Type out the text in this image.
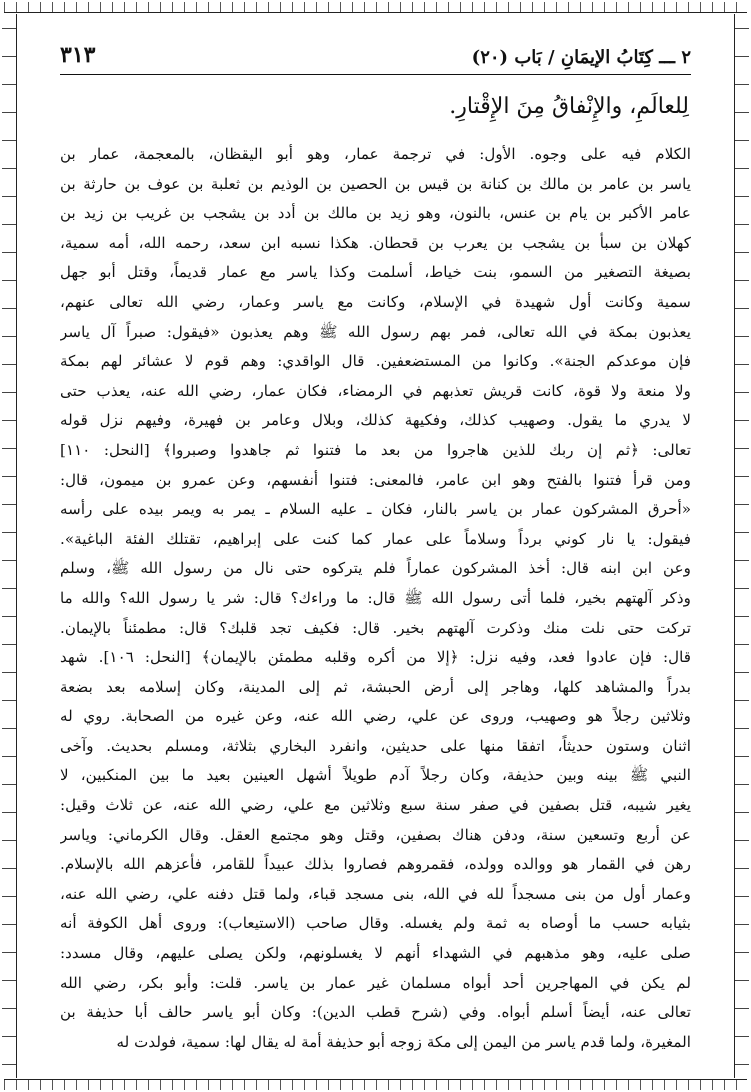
٣١٣	٢ ـــ كِتَابُ الإيمَانِ / بَاب (٢٠)
لِلعالَمِ، والإِنْفاقُ مِنَ الإِقْتارِ.
الكلام فيه على وجوه. الأول: في ترجمة عمار، وهو أبو اليقظان، بالمعجمة، عمار بن
ياسر بن عامر بن مالك بن كنانة بن قيس بن الحصين بن الوذيم بن ثعلبة بن عوف بن حارثة بن
عامر الأكبر بن يام بن عنس، بالنون، وهو زيد بن مالك بن أدد بن يشجب بن غريب بن زيد بن
كهلان بن سبأ بن يشجب بن يعرب بن قحطان. هكذا نسبه ابن سعد، رحمه الله، أمه سمية،
بصيغة التصغير من السمو، بنت خياط، أسلمت وكذا ياسر مع عمار قديماً، وقتل أبو جهل
سمية وكانت أول شهيدة في الإسلام، وكانت مع ياسر وعمار، رضي الله تعالى عنهم،
يعذبون بمكة في الله تعالى، فمر بهم رسول الله ﷺ وهم يعذبون «فيقول: صبراً آل ياسر
فإن موعدكم الجنة». وكانوا من المستضعفين. قال الواقدي: وهم قوم لا عشائر لهم بمكة
ولا منعة ولا قوة، كانت قريش تعذبهم في الرمضاء، فكان عمار، رضي الله عنه، يعذب حتى
لا يدري ما يقول. وصهيب كذلك، وفكيهة كذلك، وبلال وعامر بن فهيرة، وفيهم نزل قوله
تعالى: ﴿ثم إن ربك للذين هاجروا من بعد ما فتنوا ثم جاهدوا وصبروا﴾ [النحل: ١١٠]
ومن قرأ فتنوا بالفتح وهو ابن عامر، فالمعنى: فتنوا أنفسهم، وعن عمرو بن ميمون، قال:
«أحرق المشركون عمار بن ياسر بالنار، فكان ـ عليه السلام ـ يمر به ويمر بيده على رأسه
فيقول: يا نار كوني برداً وسلاماً على عمار كما كنت على إبراهيم، تقتلك الفئة الباغية».
وعن ابن ابنه قال: أخذ المشركون عماراً فلم يتركوه حتى نال من رسول الله ﷺ، وسلم
وذكر آلهتهم بخير، فلما أتى رسول الله ﷺ قال: ما وراءك؟ قال: شر يا رسول الله؟ والله ما
تركت حتى نلت منك وذكرت آلهتهم بخير. قال: فكيف تجد قلبك؟ قال: مطمئناً بالإيمان.
قال: فإن عادوا فعد، وفيه نزل: ﴿إلا من أكره وقلبه مطمئن بالإيمان﴾ [النحل: ١٠٦]. شهد
بدراً والمشاهد كلها، وهاجر إلى أرض الحبشة، ثم إلى المدينة، وكان إسلامه بعد بضعة
وثلاثين رجلاً هو وصهيب، وروى عن علي، رضي الله عنه، وعن غيره من الصحابة. روي له
اثنان وستون حديثاً، اتفقا منها على حديثين، وانفرد البخاري بثلاثة، ومسلم بحديث. وآخى
النبي ﷺ بينه وبين حذيفة، وكان رجلاً آدم طويلاً أشهل العينين بعيد ما بين المنكبين، لا
يغير شيبه، قتل بصفين في صفر سنة سبع وثلاثين مع علي، رضي الله عنه، عن ثلاث وقيل:
عن أربع وتسعين سنة، ودفن هناك بصفين، وقتل وهو مجتمع العقل. وقال الكرماني: وياسر
رهن في القمار هو ووالده وولده، فقمروهم فصاروا بذلك عبيداً للقامر، فأعزهم الله بالإسلام.
وعمار أول من بنى مسجداً لله في الله، بنى مسجد قباء، ولما قتل دفنه علي، رضي الله عنه،
بثيابه حسب ما أوصاه به ثمة ولم يغسله. وقال صاحب (الاستيعاب): وروى أهل الكوفة أنه
صلى عليه، وهو مذهبهم في الشهداء أنهم لا يغسلونهم، ولكن يصلى عليهم، وقال مسدد:
لم يكن في المهاجرين أحد أبواه مسلمان غير عمار بن ياسر. قلت: وأبو بكر، رضي الله
تعالى عنه، أيضاً أسلم أبواه. وفي (شرح قطب الدين): وكان أبو ياسر حالف أبا حذيفة بن
المغيرة، ولما قدم ياسر من اليمن إلى مكة زوجه أبو حذيفة أمة له يقال لها: سمية، فولدت له
